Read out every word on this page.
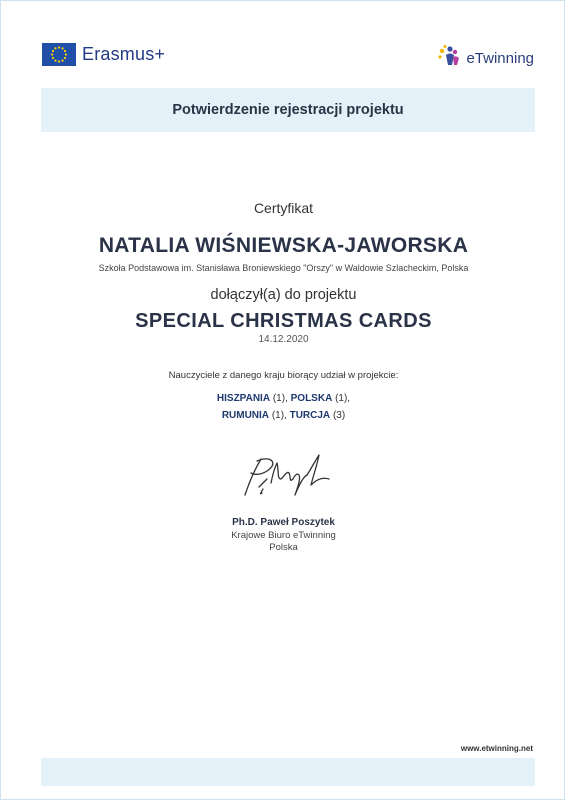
Erasmus+	eTwinning
Potwierdzenie rejestracji projektu
Certyfikat
NATALIA WIŚNIEWSKA-JAWORSKA
Szkoła Podstawowa im. Stanisława Broniewskiego "Orszy" w Waldowie Szlacheckim, Polska
dołączył(a) do projektu
SPECIAL CHRISTMAS CARDS
14.12.2020
Nauczyciele z danego kraju biorący udział w projekcie:
HISZPANIA (1), POLSKA (1),
RUMUNIA (1), TURCJA (3)
Ph.D. Paweł Poszytek
Krajowe Biuro eTwinning
Polska
www.etwinning.net
